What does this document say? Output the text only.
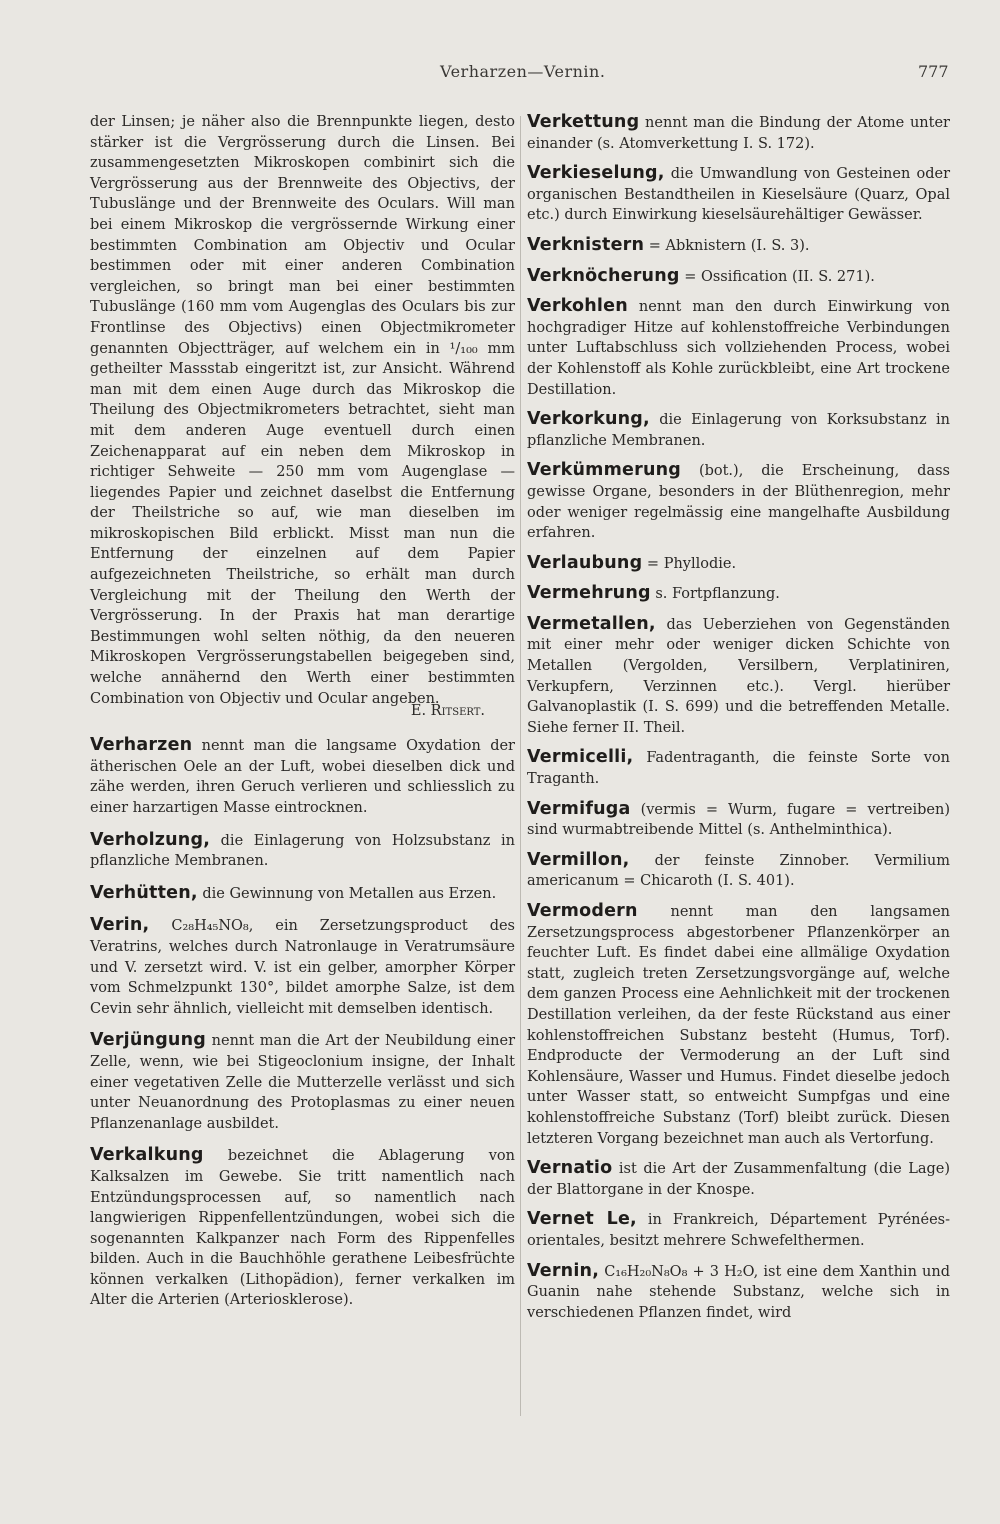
Verharzen—Vernin.	777
der Linsen; je näher also die Brennpunkte liegen, desto stärker ist die Vergrösserung durch die Linsen. Bei zusammengesetzten Mikroskopen combinirt sich die Vergrösserung aus der Brennweite des Objectivs, der Tubuslänge und der Brennweite des Oculars. Will man bei einem Mikroskop die vergrössernde Wirkung einer bestimmten Combination am Objectiv und Ocular bestimmen oder mit einer anderen Combination vergleichen, so bringt man bei einer bestimmten Tubuslänge (160 mm vom Augenglas des Oculars bis zur Frontlinse des Objectivs) einen Objectmikrometer genannten Objectträger, auf welchem ein in ¹/₁₀₀ mm getheilter Massstab eingeritzt ist, zur Ansicht. Während man mit dem einen Auge durch das Mikroskop die Theilung des Objectmikrometers betrachtet, sieht man mit dem anderen Auge eventuell durch einen Zeichenapparat auf ein neben dem Mikroskop in richtiger Sehweite — 250 mm vom Augenglase — liegendes Papier und zeichnet daselbst die Entfernung der Theilstriche so auf, wie man dieselben im mikroskopischen Bild erblickt. Misst man nun die Entfernung der einzelnen auf dem Papier aufgezeichneten Theilstriche, so erhält man durch Vergleichung mit der Theilung den Werth der Vergrösserung. In der Praxis hat man derartige Bestimmungen wohl selten nöthig, da den neueren Mikroskopen Vergrösserungstabellen beigegeben sind, welche annähernd den Werth einer bestimmten Combination von Objectiv und Ocular angeben.
E. Ritsert.

Verharzen nennt man die langsame Oxydation der ätherischen Oele an der Luft, wobei dieselben dick und zähe werden, ihren Geruch verlieren und schliesslich zu einer harzartigen Masse eintrocknen.

Verholzung, die Einlagerung von Holzsubstanz in pflanzliche Membranen.

Verhütten, die Gewinnung von Metallen aus Erzen.

Verin, C₂₈H₄₅NO₈, ein Zersetzungsproduct des Veratrins, welches durch Natronlauge in Veratrumsäure und V. zersetzt wird. V. ist ein gelber, amorpher Körper vom Schmelzpunkt 130°, bildet amorphe Salze, ist dem Cevin sehr ähnlich, vielleicht mit demselben identisch.

Verjüngung nennt man die Art der Neubildung einer Zelle, wenn, wie bei Stigeoclonium insigne, der Inhalt einer vegetativen Zelle die Mutterzelle verlässt und sich unter Neuanordnung des Protoplasmas zu einer neuen Pflanzenanlage ausbildet.

Verkalkung bezeichnet die Ablagerung von Kalksalzen im Gewebe. Sie tritt namentlich nach Entzündungsprocessen auf, so namentlich nach langwierigen Rippenfellentzündungen, wobei sich die sogenannten Kalkpanzer nach Form des Rippenfelles bilden. Auch in die Bauchhöhle gerathene Leibesfrüchte können verkalken (Lithopädion), ferner verkalken im Alter die Arterien (Arteriosklerose).

Verkettung nennt man die Bindung der Atome unter einander (s. Atomverkettung I. S. 172).

Verkieselung, die Umwandlung von Gesteinen oder organischen Bestandtheilen in Kieselsäure (Quarz, Opal etc.) durch Einwirkung kieselsäurehältiger Gewässer.

Verknistern = Abknistern (I. S. 3).

Verknöcherung = Ossification (II. S. 271).

Verkohlen nennt man den durch Einwirkung von hochgradiger Hitze auf kohlenstoffreiche Verbindungen unter Luftabschluss sich vollziehenden Process, wobei der Kohlenstoff als Kohle zurückbleibt, eine Art trockene Destillation.

Verkorkung, die Einlagerung von Korksubstanz in pflanzliche Membranen.

Verkümmerung (bot.), die Erscheinung, dass gewisse Organe, besonders in der Blüthenregion, mehr oder weniger regelmässig eine mangelhafte Ausbildung erfahren.

Verlaubung = Phyllodie.

Vermehrung s. Fortpflanzung.

Vermetallen, das Ueberziehen von Gegenständen mit einer mehr oder weniger dicken Schichte von Metallen (Vergolden, Versilbern, Verplatiniren, Verkupfern, Verzinnen etc.). Vergl. hierüber Galvanoplastik (I. S. 699) und die betreffenden Metalle. Siehe ferner II. Theil.

Vermicelli, Fadentraganth, die feinste Sorte von Traganth.

Vermifuga (vermis = Wurm, fugare = vertreiben) sind wurmabtreibende Mittel (s. Anthelminthica).

Vermillon, der feinste Zinnober. Vermilium americanum = Chicaroth (I. S. 401).

Vermodern nennt man den langsamen Zersetzungsprocess abgestorbener Pflanzenkörper an feuchter Luft. Es findet dabei eine allmälige Oxydation statt, zugleich treten Zersetzungsvorgänge auf, welche dem ganzen Process eine Aehnlichkeit mit der trockenen Destillation verleihen, da der feste Rückstand aus einer kohlenstoffreichen Substanz besteht (Humus, Torf). Endproducte der Vermoderung an der Luft sind Kohlensäure, Wasser und Humus. Findet dieselbe jedoch unter Wasser statt, so entweicht Sumpfgas und eine kohlenstoffreiche Substanz (Torf) bleibt zurück. Diesen letzteren Vorgang bezeichnet man auch als Vertorfung.

Vernatio ist die Art der Zusammenfaltung (die Lage) der Blattorgane in der Knospe.

Vernet Le, in Frankreich, Département Pyrénées-orientales, besitzt mehrere Schwefelthermen.

Vernin, C₁₆H₂₀N₈O₈ + 3 H₂O, ist eine dem Xanthin und Guanin nahe stehende Substanz, welche sich in verschiedenen Pflanzen findet, wird
